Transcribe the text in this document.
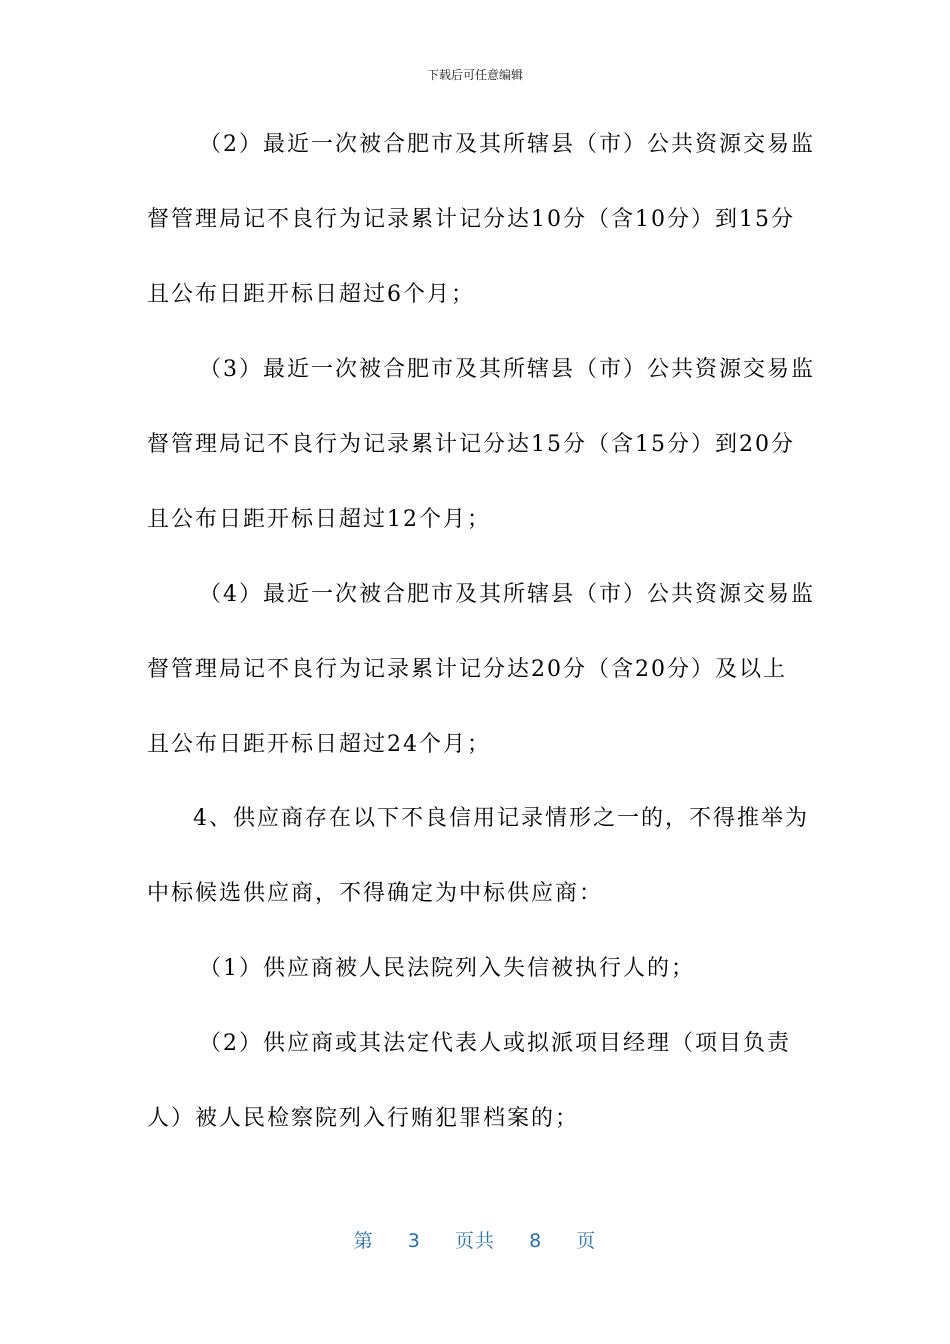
下载后可任意编辑
（2）最近一次被合肥市及其所辖县（市）公共资源交易监
督管理局记不良行为记录累计记分达10分（含10分）到15分
且公布日距开标日超过6个月；
（3）最近一次被合肥市及其所辖县（市）公共资源交易监
督管理局记不良行为记录累计记分达15分（含15分）到20分
且公布日距开标日超过12个月；
（4）最近一次被合肥市及其所辖县（市）公共资源交易监
督管理局记不良行为记录累计记分达20分（含20分）及以上
且公布日距开标日超过24个月；
4、供应商存在以下不良信用记录情形之一的，不得推举为
中标候选供应商，不得确定为中标供应商：
（1）供应商被人民法院列入失信被执行人的；
（2）供应商或其法定代表人或拟派项目经理（项目负责
人）被人民检察院列入行贿犯罪档案的；
第 3 页共 8 页
